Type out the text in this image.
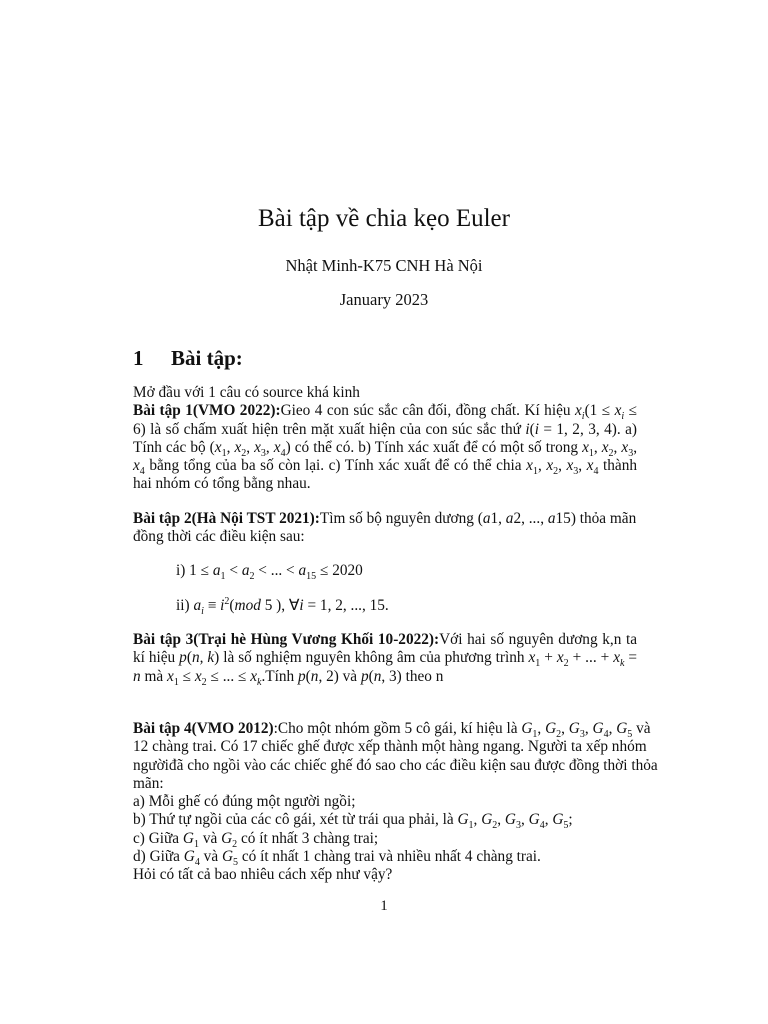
Bài tập về chia kẹo Euler
Nhật Minh-K75 CNH Hà Nội
January 2023
1 Bài tập:

Mở đầu với 1 câu có source khá kinh

Bài tập 1(VMO 2022):Gieo 4 con súc sắc cân đối, đồng chất. Kí hiệu $x_i(1 \le x_i \le 6)$ là số chấm xuất hiện trên mặt xuất hiện của con súc sắc thứ i(i = 1, 2, 3, 4). a) Tính các bộ ($x_1$, $x_2$, $x_3$, $x_4$) có thể có. b) Tính xác xuất để có một số trong $x_1$, $x_2$, $x_3$, $x_4$ bằng tổng của ba số còn lại. c) Tính xác xuất để có thể chia $x_1$, $x_2$, $x_3$, $x_4$ thành hai nhóm có tổng bằng nhau.

Bài tập 2(Hà Nội TST 2021):Tìm số bộ nguyên dương (a1, a2, ..., a15) thỏa mãn đồng thời các điều kiện sau:

i) $1 \le a_1 < a_2$ < ... < $a_{15} \le 2020$
ii) $a_i \equiv i^2(mod$ 5 ), ∀i = 1, 2, ..., 15.

Bài tập 3(Trại hè Hùng Vương Khối 10-2022):Với hai số nguyên dương k,n ta kí hiệu p(n, k) là số nghiệm nguyên không âm của phương trình $x_1 + x_2$ + ... + $x_k = n$ mà $x_1 \le x_2$ ≤ ... ≤ $x_k.Tính$ p(n, 2) và p(n, 3) theo n

Bài tập 4(VMO 2012):Cho một nhóm gồm 5 cô gái, kí hiệu là $G_1$, $G_2$, $G_3$, $G_4$, $G_5$ và 12 chàng trai. Có 17 chiếc ghế được xếp thành một hàng ngang. Người ta xếp nhóm ngườiđã cho ngồi vào các chiếc ghế đó sao cho các điều kiện sau được đồng thời thỏa mãn:

a) Mỗi ghế có đúng một người ngồi;

b) Thứ tự ngồi của các cô gái, xét từ trái qua phải, là $G_1$, $G_2$, $G_3$, $G_4$, $G_5$;

c) Giữa $G_1$ và $G_2$ có ít nhất 3 chàng trai;

d) Giữa $G_4$ và $G_5$ có ít nhất 1 chàng trai và nhiều nhất 4 chàng trai.

Hỏi có tất cả bao nhiêu cách xếp như vậy?

1
